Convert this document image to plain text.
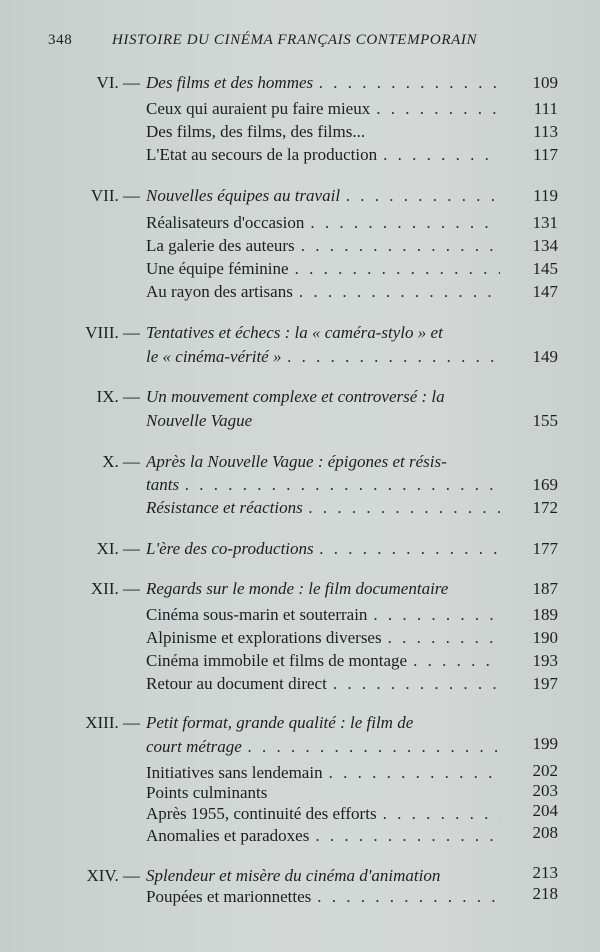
348	HISTOIRE DU CINÉMA FRANÇAIS CONTEMPORAIN
VI. — Des films et des hommes . . .	109
Ceux qui auraient pu faire mieux . . .	111
Des films, des films, des films...	113
L'Etat au secours de la production . . .	117
VII. — Nouvelles équipes au travail . . .	119
Réalisateurs d'occasion . . .	131
La galerie des auteurs . . .	134
Une équipe féminine . . .	145
Au rayon des artisans . . .	147
VIII. — Tentatives et échecs : la « caméra-stylo » et
le « cinéma-vérité » . . .	149
IX. — Un mouvement complexe et controversé : la
Nouvelle Vague	155
X. — Après la Nouvelle Vague : épigones et résis-
tants . . .	169
Résistance et réactions . . .	172
XI. — L'ère des co-productions . . .	177
XII. — Regards sur le monde : le film documentaire	187
Cinéma sous-marin et souterrain . . .	189
Alpinisme et explorations diverses . . .	190
Cinéma immobile et films de montage . . .	193
Retour au document direct . . .	197
XIII. — Petit format, grande qualité : le film de
court métrage . . .	199
Initiatives sans lendemain . . .	202
Points culminants	203
Après 1955, continuité des efforts . . .	204
Anomalies et paradoxes . . .	208
XIV. — Splendeur et misère du cinéma d'animation	213
Poupées et marionnettes . . .	218
